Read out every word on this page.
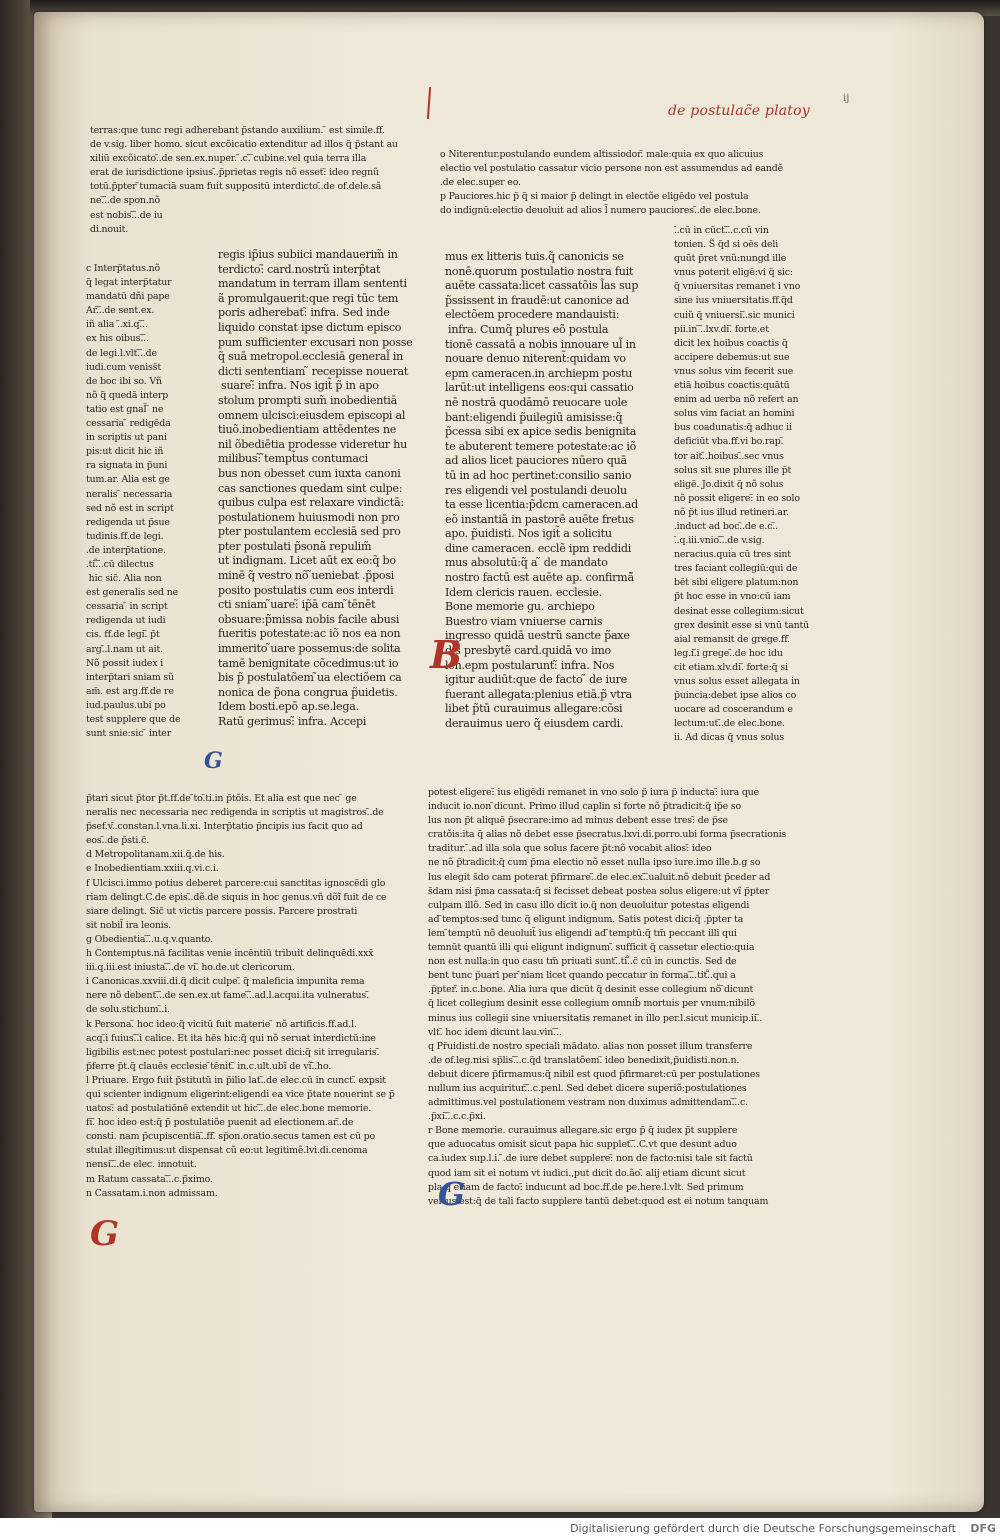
de postulac̃e platoy
ij
terras:que tunc regi adherebant p̃stando auxilium. ̃ est simile.ff.
de v.sig. liber homo. sicut excõicatio extenditur ad illos q̃ p̃stant au
xiliū excõicato.̃.de sen.ex.nuper. ̃.c.̃ ̃cubine.vel quia terra illa
erat de iurisdictione ipsius.̃.p̃prietas regis nõ esset:̃ ideo regnũ
totū.p̃pter ̃tumaciā suam fuit suppositū interdicto.̃.de of.dele.sã
ne.̃.̃.de spon.nõ
est nobis.̃.̃.de iu
di.nouit.
c Interp̃tatus.nõ
q̃ legat interp̃tatur
mandatū dñi pape
Ar.̃.̃.de sent.ex.
iñ alia .̃.xi.q.̃.̃.
ex his oibus.̃.̃.
de legi.l.vlt.̃.̃.de
iudi.cum veniss̃t
de boc ibi so. Vñ
nõ q̃ quedā interp
tatio est gnal̃ ̃ ne
cessaria ̃ redigēda
in scriptis ut pani
pis:ut dicit hic iñ
ra signata in p̃uni
tum.ar. Alia est ge
neralis ̃ necessaria
sed nõ est in script
redigenda ut p̃sue
tudinis.ff.de legi.
̃.de interp̃tatione.
̃.ti.̃̃.̃.cū dilectus
̃ hic sic̃. Alia non
est generalis sed ne
cessaria ̃ in script
redigenda ut iudi
cis. ff.de legi.̃ p̃t
arg.̃.l.nam ut ait.
Nõ possit iudex i
interp̃tari sniam sũ
am̃. est arg.ff.de re
iud.paulus.ubi po
test supplere que de
sunt snie:sic ̃ inter
regis ip̃ius subiici mandauerim̃ in
terdicto:̃ card.nostrũ interp̃tat
mandatum in terram illam sententi
ã promulgauerit:que regi tūc tem
poris adherebat:̃ infra. Sed inde
liquido constat ipse dictum episco
pum sufficienter excusari non posse
q̃ suā metropol.ecclesiā general̃ in
dicti sententiam ̃ recepisse nouerat
̃ suare:̃ infra. Nos igit̃ p̃ in apo
stolum prompti sum̃ inobedientiā
omnem ulcisci:eiusdem episcopi al
tiuõ.inobedientiam attēdentes ne
nil õbediētia prodesse videretur hu
milibus:̃ ̃tempt̃us contumaci
bus non obesset cum iuxta canoni
cas sanctiones quedam sint culpe:
quibus culpa est relaxare vindictā:
postulationem huiusmodi non pro
pter postulantem ecclesiā sed pro
pter postulati p̃sonã repulim̃
ut indignam. Licet aūt ex eo:q̃ bo
minē q̃ vestro nõ ̃ueniebat .p̃posi
posito postulatis cum eos interdi
cti sniam ̃uare:̃ ip̃ā cam ̃tēnēt
obsuare:p̃missa nobis facile abusi
fueritis potestate:ac iõ nos ea non
immerito ̃uare possemus:de solita
tamē benignitate cõcedimus:ut io
bis p̃ postulatõem ̃ua electiõem ca
nonica de p̃ona congrua p̃uidetis.
Idem bosti.epō ap.se.lega.
Ratū gerimus:̃ infra. Accepi
p̃tari sicut p̃tor p̃t.ff.de ̃to.̃ti.in p̃tõis. Et alia est que nec ̃ ge
neralis nec necessaria nec redigenda in scriptis ut magistros.̃.de
p̃sef.v.̃.constan.l.vna.li.xi. Interp̃tatio p̃ncipis ius facit quo ad
eos.̃.de p̃sti.c̃.
d Metropolitanam.xii.q̃.de his.
e Inobedientiam.xxiii.q.vi.c.i.
f Ulcisci.immo potius deberet parcere:cui sanctitas ignoscēdi glo
riam delingt.C.de epis.̃.dẽ.de siquis in hoc genus.vñ dõĩ fuit de ce
siare delingt. Sic̃ ut victis parcere possis. Parcere prostrati
sit nobil̃ ira leonis.
g Obedientia.̃.̃.u.q.v.quanto.
h Contemptus.nā facilitas venie incēntiū tribuit delinquēdi.xxx̃
iii.q.iii.est iniusta.̃.̃.de vi.̃ ho.de.ut clericorum.
i Canonicas.xxviii.di.q̃ dicit culpe.̃ q̃ maleficia impunita rema
nere nõ debent.̃.̃.de sen.ex.ut fame.̃.̃.ad.l.acqui.ita vulneratus.̃
de solu.stichum.̃.i.
k Persona.̃ hoc ideo:q̃ vicitū fuit materie ̃ nõ artificis.ff.ad.l.
acq.̃i fuius.̃.̃i calice. Et ita hēs hic:q̃ qui nõ seruat interdictū:ine
ligibilis est:nec potest postulari:nec posset dici:q̃ sit irregularis.̃
p̃ferre p̃t.q̃ clauēs ecclesie ̃tēnit.̃ in.c.ult.ubĩ de vĩ.̃.ho.
l Priuare. Ergo fuit p̃stitutū in p̃ilio lat.̃.de elec.cū in cunct.̃ expsit
qui scienter indignum eligerint:eligendi ea vice p̃tate nouerint se p̃
uatos:̃ ad postulatiōnē extendit ut hic.̃.̃.de elec.bone memorie.
fi.̃ hoc ideo est:q̃ p̃ postulatiõe puenit ad electionem.ar.̃.de
consti. nam p̃cupiscentiā.̃.ff.̃ sp̃on.oratio.secus tamen est cū po
stulat illegitimus:ut dispensat cũ eo:ut legitimẽ.lvi.di.cenoma
nensi.̃.̃.de elec. innotuit.
m Ratum cassata.̃.̃.c.p̃ximo.
n Cassatam.i.non admissam.
o Niterentur.postulando eundem altissiodor.̃ male:quia ex quo alicuius
electio vel postulatio cassatur vicio persone non est assumendus ad eandẽ
̃.de elec.super eo.
p Pauciores.hic p̃ q̃ si maior p̃ delingt in electõe eligēdo vel postula
do indignū:electio deuoluit ad alios l̃ numero pauciores.̃.de elec.bone.
mus ex litteris tuis.q̃ canonicis se
nonē.quorum postulatio nostra fuit
auēte cassata:licet cassatõis l̃as sup
p̃ssissent in fraudē:ut canonice ad
electõem procedere mandauisti:
̃ infra. Cumq̃ plures eõ postula
tionē cassatā a nobis innouare ul̃ in
nouare denuo niterent̃:quidam vo
epm cameracen.in archiepm postu
larūt:ut intelligens eos:qui cassatio
nē nostrā quodāmō reuocare uole
bant:eligendi p̃uilegiū amisisse:q̃
p̃cessa sibi ex apice sedis benignita
te abuterent temere potestate:ac iõ
ad alios licet pauciores nūero quā
tū in ad hoc pertinet:consilio sanio
res eligendi vel postulandi deuolu
ta esse licentia:p̃dcm cameracen.ad
eõ instantiā in pastorē auēte fretus
apo. p̃uidisti. Nos igit̃ a solicitu
dine cameracen. ecclẽ ipm reddidi
mus absolutū:q̃ a ̃ de mandato
nostro factū est auēte ap. confirmā̃
Idem clericis rauen. ecclesie.
Bone memorie gu. archiepo
Buestro viam vniuerse carnis
ingresso quidā uestrũ sancte p̃axe
dis presbytẽ card.quidā vo imo
len.epm postularunt:̃ infra. Nos
igitur audiūt:que de facto ̃ de iure
fuerant allegata:plenius etiā.p̃ vtra
libet p̃tū curauimus allegare:cõsi
derauimus uero q̃ eiusdem cardi.
̃.̃.cū in cūct.̃.̃.c.cū vin
tonien. S̃ q̃d si oēs deli
quūt p̃ret vnũ:nungd ille
vnus poterit eligē:vi q̃ sic:
q̃ vniuersitas remanet i vno
sine ius vniuersitatis.ff.q̃d
cuiũ q̃ vniuersi.̃.sic munici
pii.in ̃.̃.lxv.di.̃ forte.et
dicit lex hoibus coactis q̃
accipere debemus:ut sue
vnus solus vim fecerit sue
etiā hoibus coactis:quātū
enim ad uerba nõ refert an
solus vim faciat an homini
bus coadunatis:q̃ adhuc ii
deficiūt vba.ff.vi bo.rap.̃
tor ait.̃.hoibus.̃.sec vnus
solus sit sue plures ille p̃t
eligē. Jo.dixit q̃ nõ solus
nõ possit eligere:̃ in eo solo
nõ p̃t ius illud retineri.ar.
̃.induct ad boc.̃.de e.c.̃.
̃.̃.q.iii.vnio.̃.̃.de v.sig.
neracius.quia cū tres sint
tres faciant collegiū:qui de
bēt sibi eligere platum:non
p̃t hoc esse in vno:cū iam
desinat esse collegium:sicut
grex desinit esse si vnū tantū
aial remansit de grege.ff.̃
leg.i.̃i grege.̃.de hoc idu
cit etiam.xlv.di.̃ forte:q̃ si
vnus solus esset allegata in
p̃uincia:debet ipse alios co
uocare ad coscerandum e
lectum:ut.̃.de elec.bone.
ii. Ad dicas q̃ vnus solus
potest eligere:̃ ius eligēdi remanet in vno solo p̃ iura p̃ inducta:̃ iura que
inducit io.non ̃dicunt. Primo illud caplin si forte nõ p̃tradicit:q̃ ip̃e so
lus non p̃t aliquē p̃secrare:imo ad minus debent esse tres:̃ de p̃se
cratõis:ita q̃ alias nõ debet esse p̃secratus.lxvi.di.porro.ubi forma p̃secrationis
traditur. ̃.ad illa sola que solus facere p̃t:nõ vocabit alios:̃ ideo
ne nõ p̃tradicit:q̃ cum p̃ma electio nõ esset nulla ipso iure.imo ille.b.g so
lus elegit s̃do cam poterat p̃firmare.̃.de elec.ex.̃.̃ualuit.nõ debuit p̃ceder ad
s̃dam nisi p̃ma cassata:q̃ si fecisset debeat postea solus eligere:ut vĩ p̃pter
culpam illõ. Sed in casu illo dicit io.q̃ non deuoluitur potestas eligendi
ad ̃temptos:sed tunc q̃ eligunt indignum. Satis potest dici:q̃ .p̃pter ta
lem ̃temptū nõ deuoluit̃ ius eligendi ad ̃temptū:q̃ tm̃ peccant illi qui
̃temnūt quantū illi qui eligunt indignum.̃ sufficit q̃ cassetur electio:quia
non est nulla:in quo casu tm̃ priuati sunt.̃.ti.̃̃.c̃ cū in cunctis. Sed de
bent tunc p̃uari per ̃niam licet quando peccatur in forma.̃.̃.tit.̃̃.qui a
.p̃pter.̃ in.c.bone. Alia iura que dicūt q̃ desinit esse collegium nõ ̃dicunt
q̃ licet collegium desinit esse collegium omnib̃ mortuis per vnum:nibilõ
minus ius collegii sine vniuersitatis remanet in illo per.l.sicut municip.ii.̃.
vlt.̃ hoc idem dicunt lau.vin.̃.̃.
q Pr̃uidisti.de nostro speciali mādato. alias non posset illum transferre
̃.de of.leg.nisi sp̃lis.̃.̃.c.q̃d translatõem.̃ ideo benedixit,p̃uidisti.non.n.
debuit dicere p̃firmamus:q̃ nibil est quod p̃firmaret:cū per postulationes
nullum ius acquiritur.̃.̃.c.penl. Sed debet dicere superiõ:postulationes
admittimus.vel postulationem vestram non duximus admittendam.̃.̃.c.
.p̃xi.̃.̃.c.c.p̃xi.
r Bone memorie. curauimus allegare.sic ergo p̃ q̃ iudex p̃t supplere
que aduocatus omisit sicut papa hic supplet.̃.̃.C.vt que desunt aduo
ca.iudex sup.l.i. ̃.de iure debet supplere:̃ non de facto:nisi tale sit factū
quod iam sit ei notum vt iudici.,put dicit do.ão.̃ alij etiam dicunt sicut
pla.q̃ etiam de facto:̃ inducunt ad boc.ff.de pe.here.l.vlt. Sed primum
verius est:q̃ de tali facto supplere tantū debet:quod est ei notum tanquam
B
G
G
G
Digitalisierung gefördert durch die Deutsche Forschungsgemeinschaft DFG
